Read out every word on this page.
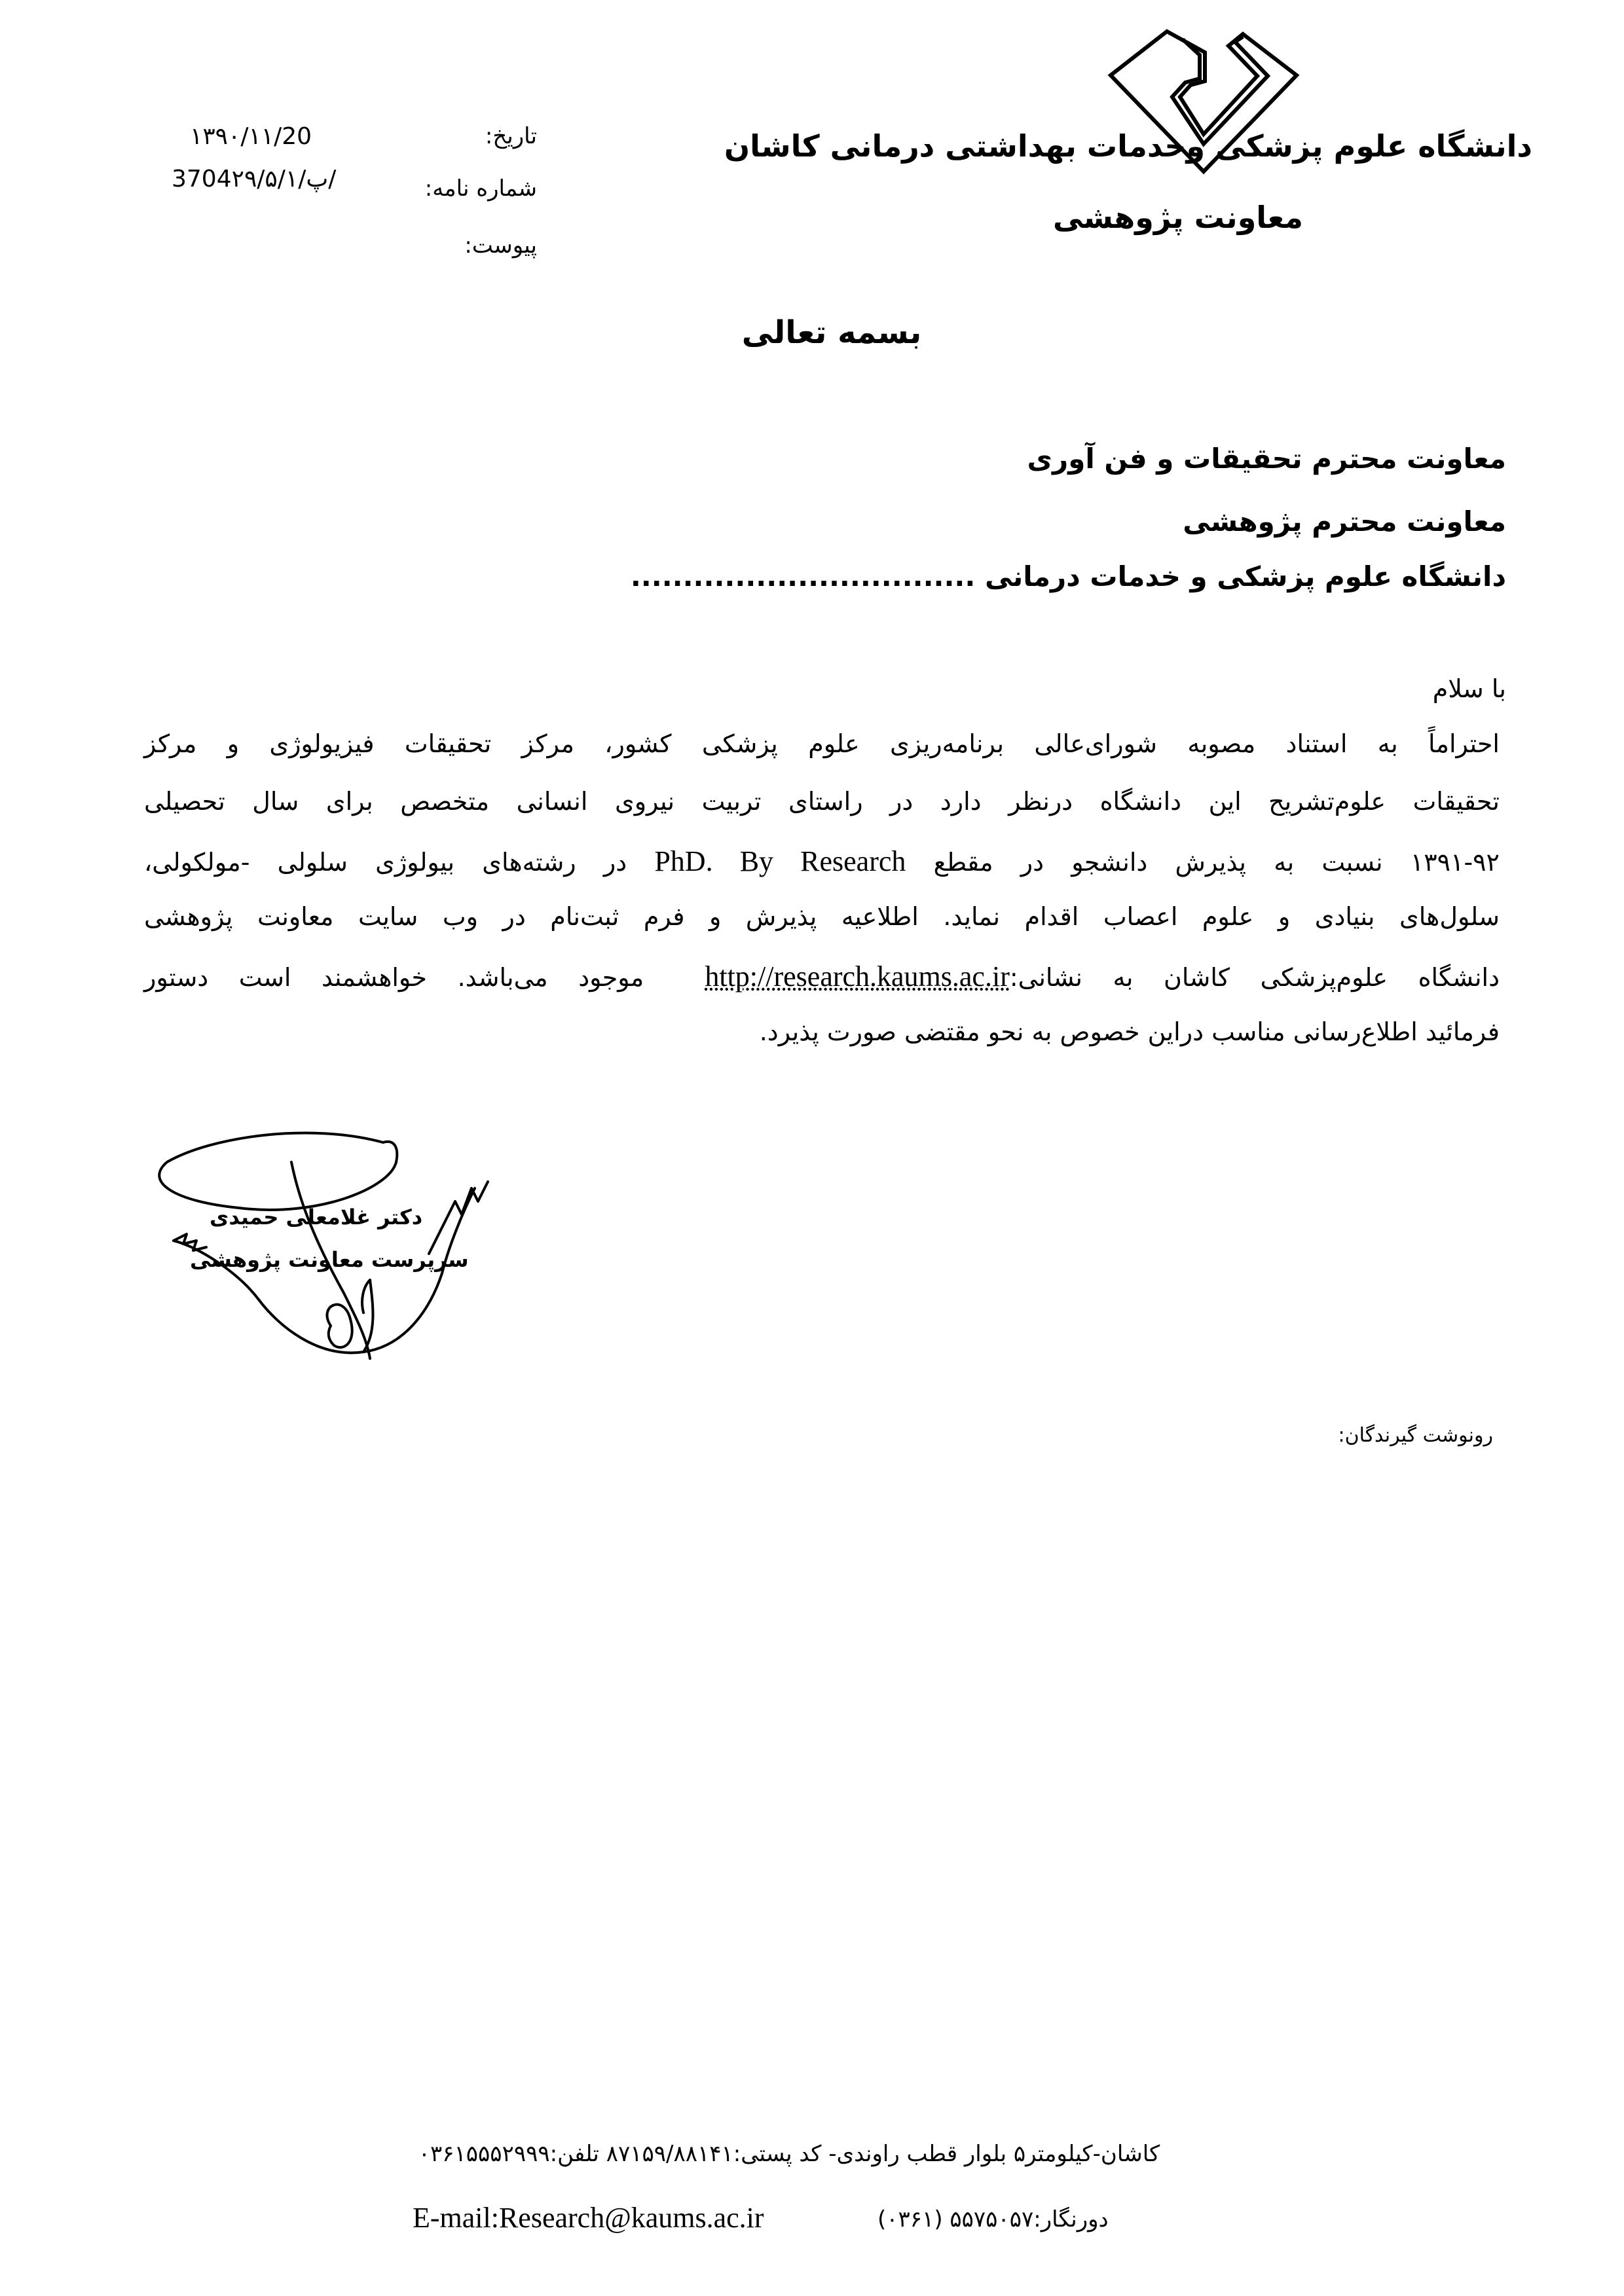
دانشگاه علوم پزشکی وخدمات بهداشتی درمانی کاشان
معاونت پژوهشی
تاریخ:
۱۳۹۰/۱۱/20
شماره نامه:
3704پ/۲۹/۵/۱/
پیوست:
بسمه تعالی
معاونت محترم تحقیقات و فن آوری
معاونت محترم پژوهشی
دانشگاه علوم پزشکی و خدمات درمانی .................................
با سلام
احتراماً به استناد مصوبه شورای‌عالی برنامه‌ریزی علوم پزشکی کشور، مرکز تحقیقات فیزیولوژی و مرکز
تحقیقات علوم‌تشریح این دانشگاه درنظر دارد در راستای تربیت نیروی انسانی متخصص برای سال تحصیلی
۱۳۹۱-۹۲ نسبت به پذیرش دانشجو در مقطع PhD. By Research در رشته‌های بیولوژی سلولی -مولکولی،
سلول‌های بنیادی و علوم اعصاب اقدام نماید. اطلاعیه پذیرش و فرم ثبت‌نام در وب سایت معاونت پژوهشی
دانشگاه علوم‌پزشکی کاشان به نشانی:http://research.kaums.ac.ir  موجود می‌باشد. خواهشمند است دستور
فرمائید اطلاع‌رسانی مناسب دراین خصوص به نحو مقتضی صورت پذیرد.
دکتر غلامعلی حمیدی
سرپرست معاونت پژوهشی
رونوشت گیرندگان:
کاشان-کیلومتر۵ بلوار قطب راوندی- کد پستی:۸۷۱۵۹/۸۸۱۴۱ تلفن:۰۳۶۱۵۵۵۲۹۹۹
E-mail:Research@kaums.ac.ir	دورنگار:۵۵۷۵۰۵۷ (۰۳۶۱)
